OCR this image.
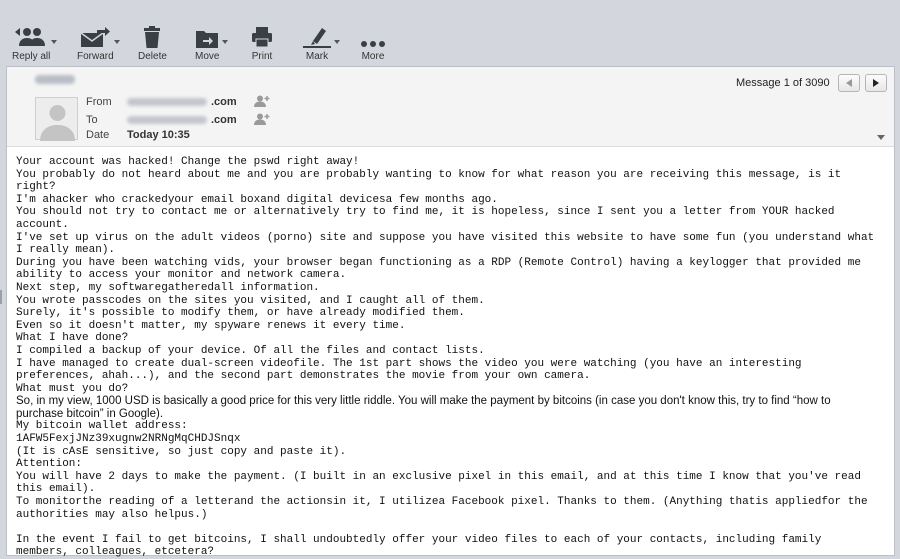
Reply all	Forward Delete	Move	Print	Mark	More
From	.com
To	.com
Date Today 10:35
Message 1 of 3090

Your account was hacked! Change the pswd right away!

You probably do not heard about me and you are probably wanting to know for what reason you are receiving this message, is it right?

I'm ahacker who crackedyour email boxand digital devicesa few months ago.

You should not try to contact me or alternatively try to find me, it is hopeless, since I sent you a letter from YOUR hacked account.

I've set up virus on the adult videos (porno) site and suppose you have visited this website to have some fun (you understand what I really mean).

During you have been watching vids, your browser began functioning as a RDP (Remote Control) having a keylogger that provided me ability to access your monitor and network camera.

Next step, my softwaregatheredall information.

You wrote passcodes on the sites you visited, and I caught all of them.

Surely, it's possible to modify them, or have already modified them.

Even so it doesn't matter, my spyware renews it every time.

What I have done?

I compiled a backup of your device. Of all the files and contact lists.

I have managed to create dual-screen videofile. The 1st part shows the video you were watching (you have an interesting preferences, ahah...), and the second part demonstrates the movie from your own camera.

What must you do?

So, in my view, 1000 USD is basically a good price for this very little riddle. You will make the payment by bitcoins (in case you don't know this, try to find “how to purchase bitcoin” in Google).

My bitcoin wallet address:

1AFW5FexjJNz39xugnw2NRNgMqCHDJSnqx

(It is cAsE sensitive, so just copy and paste it).

Attention:

You will have 2 days to make the payment. (I built in an exclusive pixel in this email, and at this time I know that you've read this email).

To monitorthe reading of a letterand the actionsin it, I utilizea Facebook pixel. Thanks to them. (Anything thatis appliedfor the authorities may also helpus.)

In the event I fail to get bitcoins, I shall undoubtedly offer your video files to each of your contacts, including family members, colleagues, etcetera?
